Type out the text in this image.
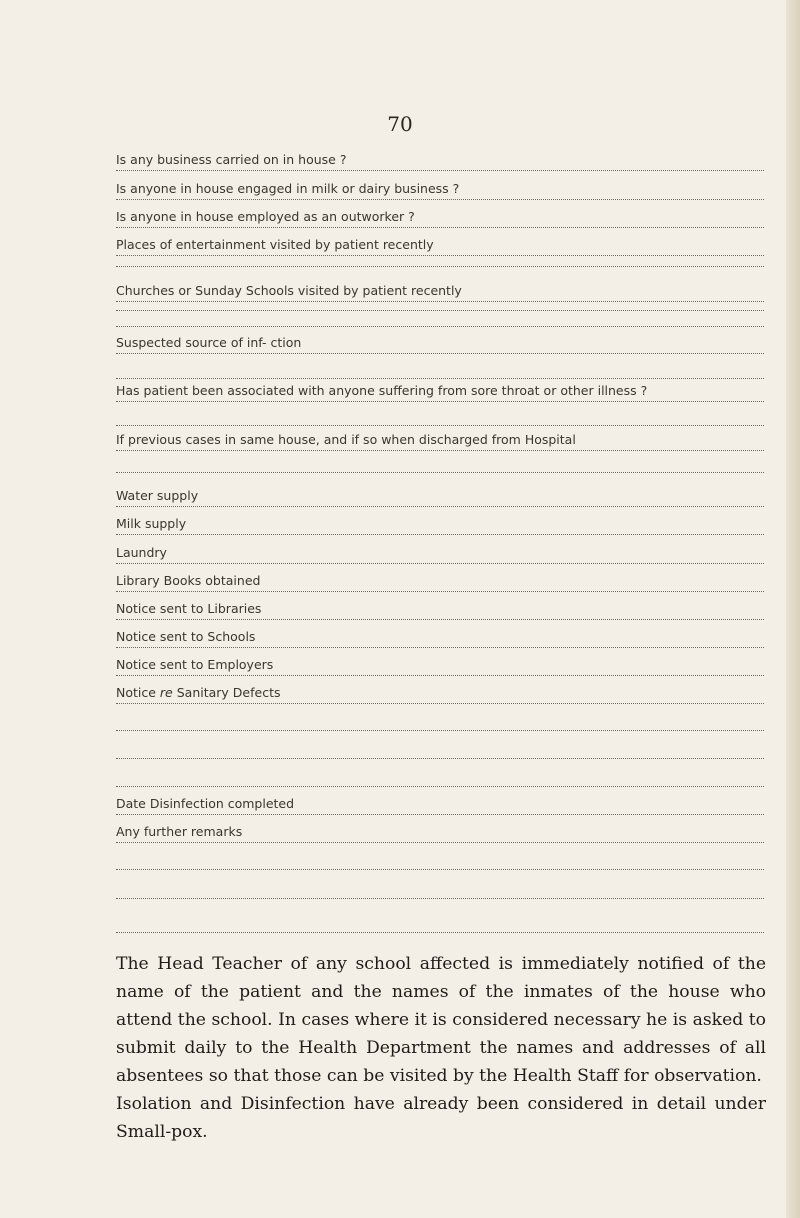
70
Is any business carried on in house ?
Is anyone in house engaged in milk or dairy business ?
Is anyone in house employed as an outworker ?
Places of entertainment visited by patient recently
Churches or Sunday Schools visited by patient recently
Suspected source of inf- ction
Has patient been associated with anyone suffering from sore throat or other illness ?
If previous cases in same house, and if so when discharged from Hospital
Water supply
Milk supply
Laundry
Library Books obtained
Notice sent to Libraries
Notice sent to Schools
Notice sent to Employers
Notice re Sanitary Defects
Date Disinfection completed
Any further remarks

The Head Teacher of any school affected is immediately notified of the name of the patient and the names of the inmates of the house who attend the school. In cases where it is considered necessary he is asked to submit daily to the Health Department the names and addresses of all absentees so that those can be visited by the Health Staff for observation.

Isolation and Disinfection have already been considered in detail under Small-pox.
